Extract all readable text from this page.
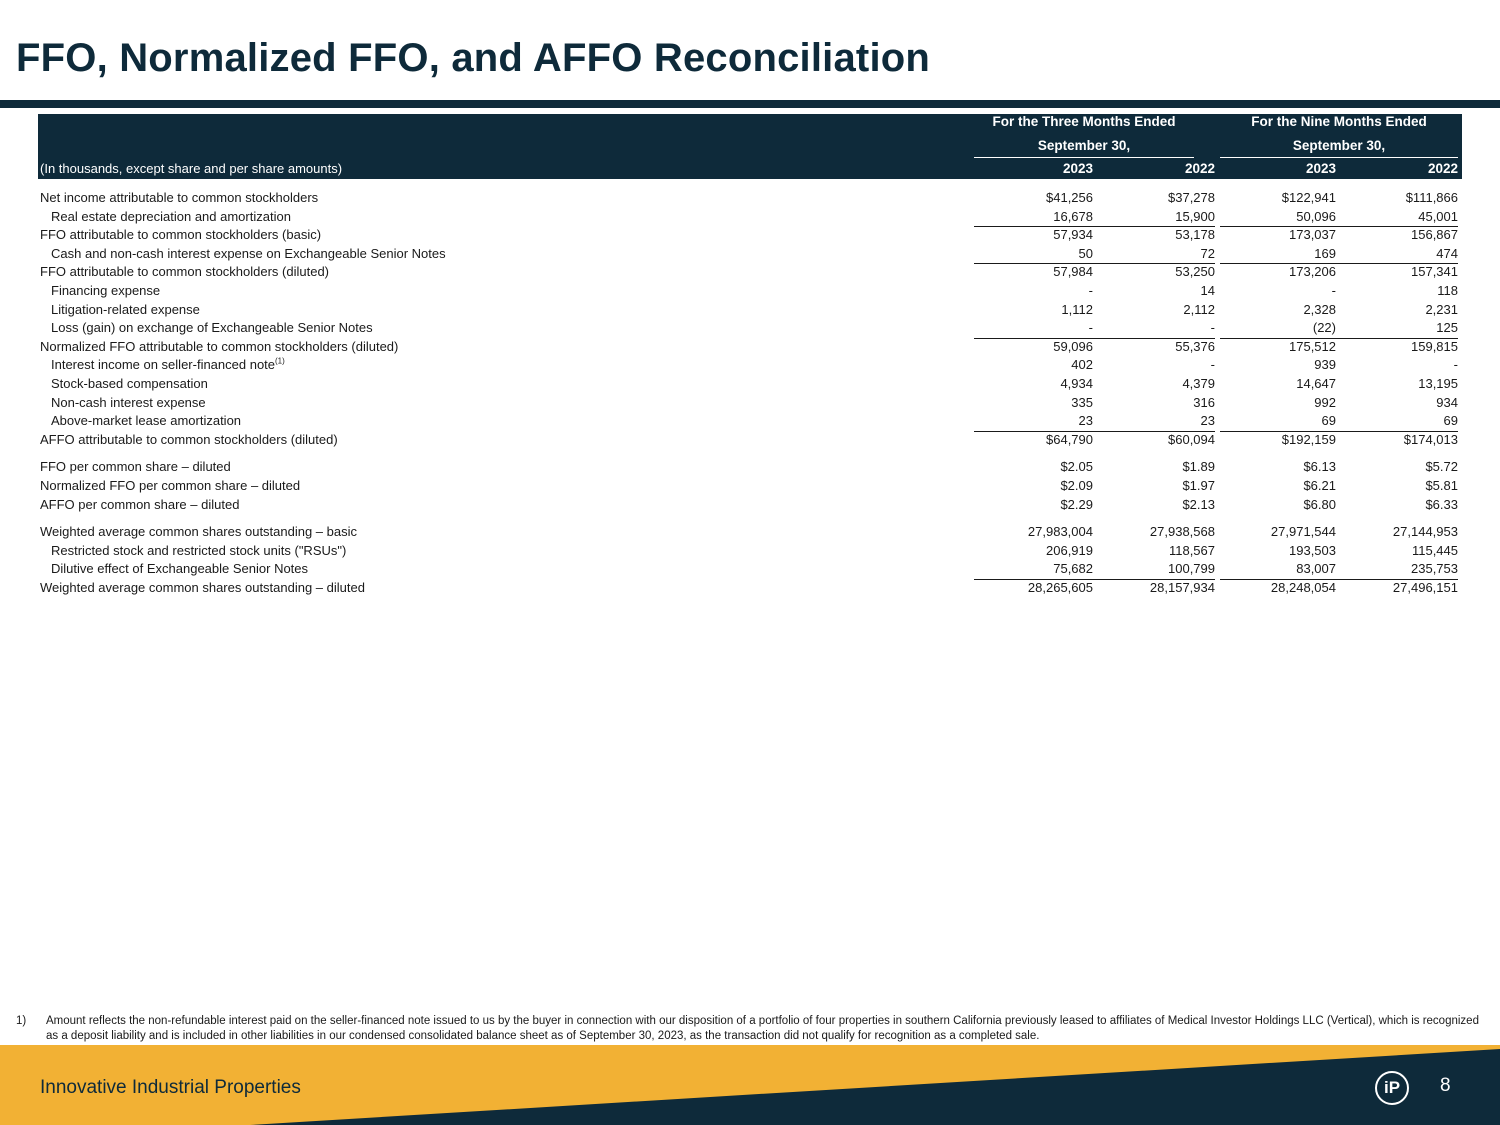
FFO, Normalized FFO, and AFFO Reconciliation
For the Three Months Ended
September 30,
For the Nine Months Ended
September 30,
(In thousands, except share and per share amounts)	2023	2022	2023	2022
Net income attributable to common stockholders	$41,256	$37,278	$122,941	$111,866
Real estate depreciation and amortization	16,678	15,900	50,096	45,001
FFO attributable to common stockholders (basic)	57,934	53,178	173,037	156,867
Cash and non-cash interest expense on Exchangeable Senior Notes	50	72	169	474
FFO attributable to common stockholders (diluted)	57,984	53,250	173,206	157,341
Financing expense	-	14	-	118
Litigation-related expense	1,112	2,112	2,328	2,231
Loss (gain) on exchange of Exchangeable Senior Notes	-	-	(22)	125
Normalized FFO attributable to common stockholders (diluted)	59,096	55,376	175,512	159,815
Interest income on seller-financed note$^{(1)}$	402	-	939	-
Stock-based compensation	4,934	4,379	14,647	13,195
Non-cash interest expense	335	316	992	934
Above-market lease amortization	23	23	69	69
AFFO attributable to common stockholders (diluted)	$64,790	$60,094	$192,159	$174,013
FFO per common share – diluted	$2.05	$1.89	$6.13	$5.72
Normalized FFO per common share – diluted	$2.09	$1.97	$6.21	$5.81
AFFO per common share – diluted	$2.29	$2.13	$6.80	$6.33
Weighted average common shares outstanding – basic	27,983,004	27,938,568	27,971,544	27,144,953
Restricted stock and restricted stock units ("RSUs")	206,919	118,567	193,503	115,445
Dilutive effect of Exchangeable Senior Notes	75,682	100,799	83,007	235,753
Weighted average common shares outstanding – diluted	28,265,605	28,157,934	28,248,054	27,496,151
1) Amount reflects the non-refundable interest paid on the seller-financed note issued to us by the buyer in connection with our disposition of a portfolio of four properties in southern California previously leased to affiliates of Medical Investor Holdings LLC (Vertical), which is recognized as a deposit liability and is included in other liabilities in our condensed consolidated balance sheet as of September 30, 2023, as the transaction did not qualify for recognition as a completed sale.
Innovative Industrial Properties	iP	8
